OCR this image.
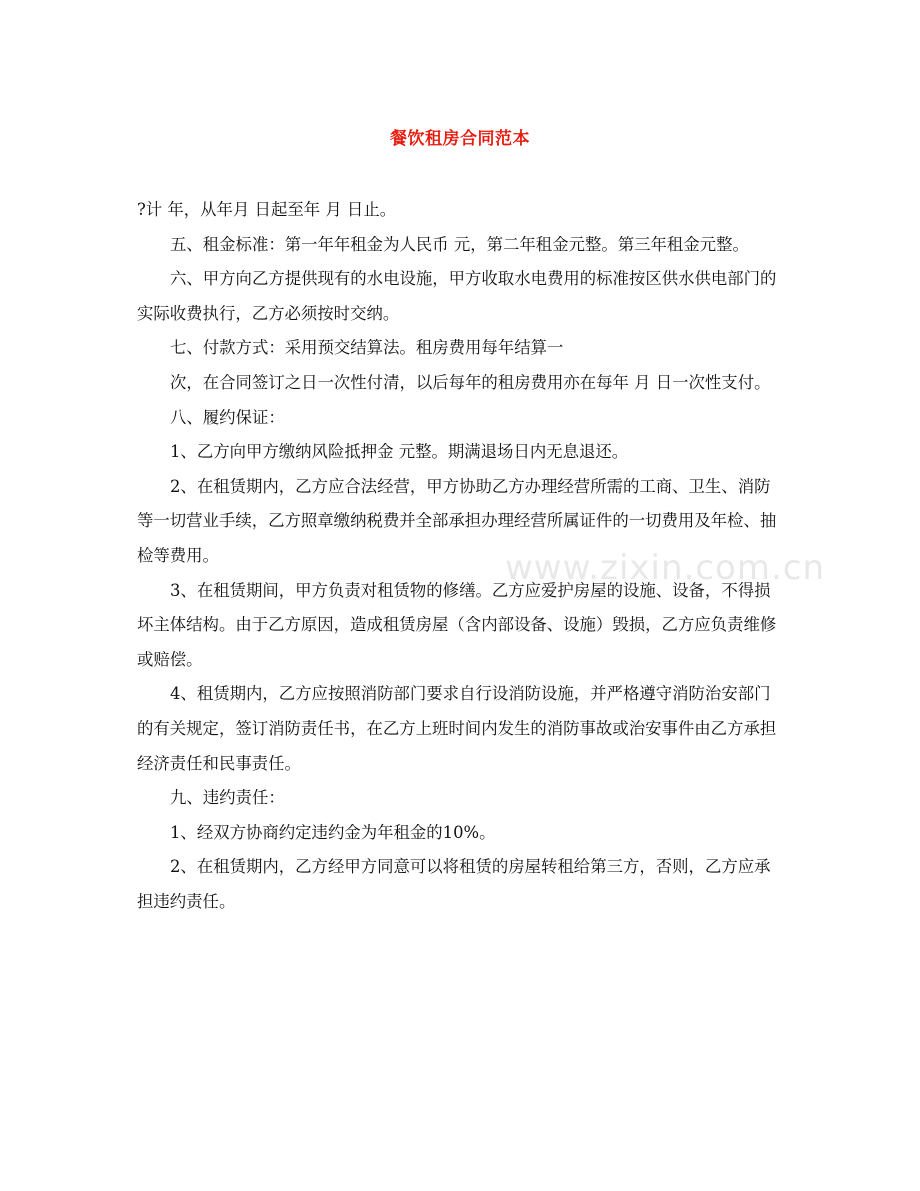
餐饮租房合同范本
www.zixin.com.cn

?计 年，从年月 日起至年 月 日止。

五、租金标准：第一年年租金为人民币 元，第二年租金元整。第三年租金元整。

六、甲方向乙方提供现有的水电设施，甲方收取水电费用的标准按区供水供电部门的实际收费执行，乙方必须按时交纳。

七、付款方式：采用预交结算法。租房费用每年结算一

次，在合同签订之日一次性付清，以后每年的租房费用亦在每年 月 日一次性支付。

八、履约保证：

1、乙方向甲方缴纳风险抵押金 元整。期满退场日内无息退还。

2、在租赁期内，乙方应合法经营，甲方协助乙方办理经营所需的工商、卫生、消防等一切营业手续，乙方照章缴纳税费并全部承担办理经营所属证件的一切费用及年检、抽检等费用。

3、在租赁期间，甲方负责对租赁物的修缮。乙方应爱护房屋的设施、设备，不得损坏主体结构。由于乙方原因，造成租赁房屋（含内部设备、设施）毁损，乙方应负责维修或赔偿。

4、租赁期内，乙方应按照消防部门要求自行设消防设施，并严格遵守消防治安部门的有关规定，签订消防责任书，在乙方上班时间内发生的消防事故或治安事件由乙方承担经济责任和民事责任。

九、违约责任：

1、经双方协商约定违约金为年租金的10%。

2、在租赁期内，乙方经甲方同意可以将租赁的房屋转租给第三方，否则，乙方应承担违约责任。
